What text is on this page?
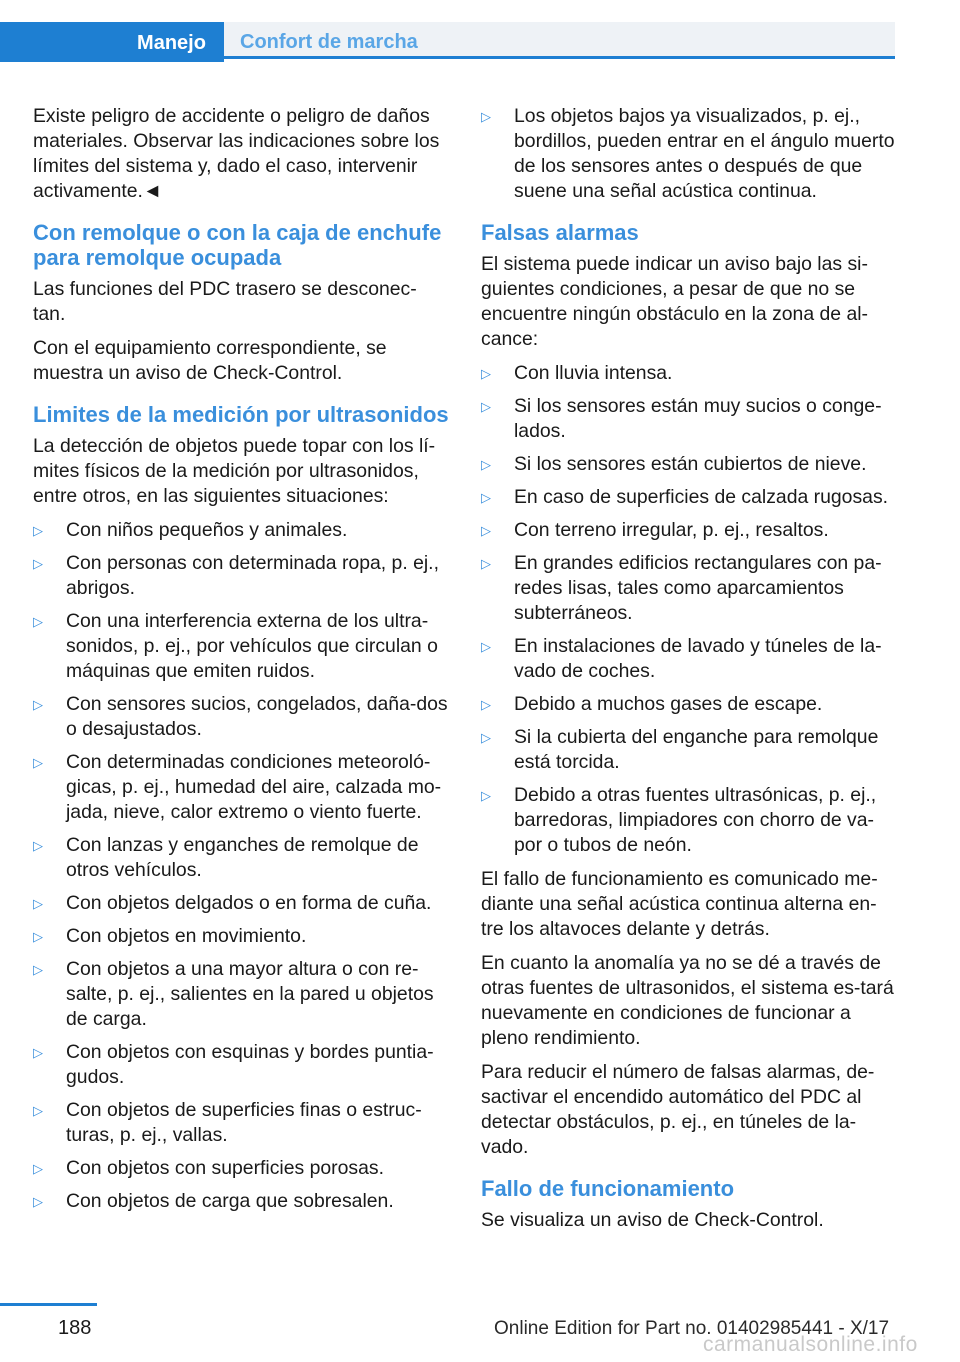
Manejo	Confort de marcha

Existe peligro de accidente o peligro de daños materiales. Observar las indicaciones sobre los límites del sistema y, dado el caso, intervenir activamente.◄

Con remolque o con la caja de enchufe para remolque ocupada

Las funciones del PDC trasero se desconec‐tan.

Con el equipamiento correspondiente, se muestra un aviso de Check-Control.

Limites de la medición por ultrasonidos

La detección de objetos puede topar con los lí‐mites físicos de la medición por ultrasonidos, entre otros, en las siguientes situaciones:

▷ Con niños pequeños y animales.
▷ Con personas con determinada ropa, p. ej., abrigos.
▷ Con una interferencia externa de los ultra‐sonidos, p. ej., por vehículos que circulan o máquinas que emiten ruidos.
▷ Con sensores sucios, congelados, daña‐dos o desajustados.
▷ Con determinadas condiciones meteoroló‐gicas, p. ej., humedad del aire, calzada mo‐jada, nieve, calor extremo o viento fuerte.
▷ Con lanzas y enganches de remolque de otros vehículos.
▷ Con objetos delgados o en forma de cuña.
▷ Con objetos en movimiento.
▷ Con objetos a una mayor altura o con re‐salte, p. ej., salientes en la pared u objetos de carga.
▷ Con objetos con esquinas y bordes puntia‐gudos.
▷ Con objetos de superficies finas o estruc‐turas, p. ej., vallas.
▷ Con objetos con superficies porosas.
▷ Con objetos de carga que sobresalen.
▷ Los objetos bajos ya visualizados, p. ej., bordillos, pueden entrar en el ángulo muerto de los sensores antes o después de que suene una señal acústica continua.
Falsas alarmas

El sistema puede indicar un aviso bajo las si‐guientes condiciones, a pesar de que no se encuentre ningún obstáculo en la zona de al‐cance:

▷ Con lluvia intensa.
▷ Si los sensores están muy sucios o conge‐lados.
▷ Si los sensores están cubiertos de nieve.
▷ En caso de superficies de calzada rugosas.
▷ Con terreno irregular, p. ej., resaltos.
▷ En grandes edificios rectangulares con pa‐redes lisas, tales como aparcamientos subterráneos.
▷ En instalaciones de lavado y túneles de la‐vado de coches.
▷ Debido a muchos gases de escape.
▷ Si la cubierta del enganche para remolque está torcida.
▷ Debido a otras fuentes ultrasónicas, p. ej., barredoras, limpiadores con chorro de va‐por o tubos de neón.

El fallo de funcionamiento es comunicado me‐diante una señal acústica continua alterna en‐tre los altavoces delante y detrás.

En cuanto la anomalía ya no se dé a través de otras fuentes de ultrasonidos, el sistema es‐tará nuevamente en condiciones de funcionar a pleno rendimiento.

Para reducir el número de falsas alarmas, de‐sactivar el encendido automático del PDC al detectar obstáculos, p. ej., en túneles de la‐vado.

Fallo de funcionamiento

Se visualiza un aviso de Check-Control.

188	Online Edition for Part no. 01402985441 - X/17
carmanualsonline.info
